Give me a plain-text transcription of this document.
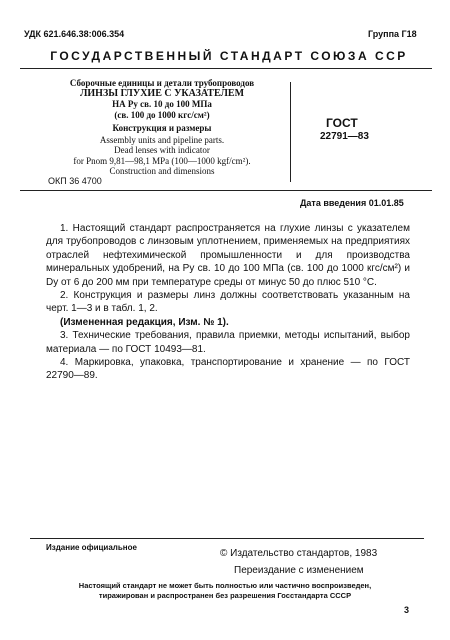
УДК 621.646.38:006.354	Группа Г18
ГОСУДАРСТВЕННЫЙ СТАНДАРТ СОЮЗА ССР
Сборочные единицы и детали трубопроводов
ЛИНЗЫ ГЛУХИЕ С УКАЗАТЕЛЕМ
НА Pу св. 10 до 100 МПа
(св. 100 до 1000 кгс/см²)
Конструкция и размеры
Assembly units and pipeline parts.
Dead lenses with indicator
for Pnom 9,81—98,1 MPa (100—1000 kgf/cm²).
Construction and dimensions
ГОСТ
22791—83
ОКП 36 4700
Дата введения 01.01.85

1. Настоящий стандарт распространяется на глухие линзы с указателем для трубопроводов с линзовым уплотнением, применяемых на предприятиях отраслей нефтехимической промышленности и для производства минеральных удобрений, на Pу св. 10 до 100 МПа (св. 100 до 1000 кгс/см²) и Dу от 6 до 200 мм при температуре среды от минус 50 до плюс 510 °С.

2. Конструкция и размеры линз должны соответствовать указанным на черт. 1—3 и в табл. 1, 2.

(Измененная редакция, Изм. № 1).

3. Технические требования, правила приемки, методы испытаний, выбор материала — по ГОСТ 10493—81.

4. Маркировка, упаковка, транспортирование и хранение — по ГОСТ 22790—89.

Издание официальное
© Издательство стандартов, 1983
Переиздание с изменением
Настоящий стандарт не может быть полностью или частично воспроизведен,
тиражирован и распространен без разрешения Госстандарта СССР
3
